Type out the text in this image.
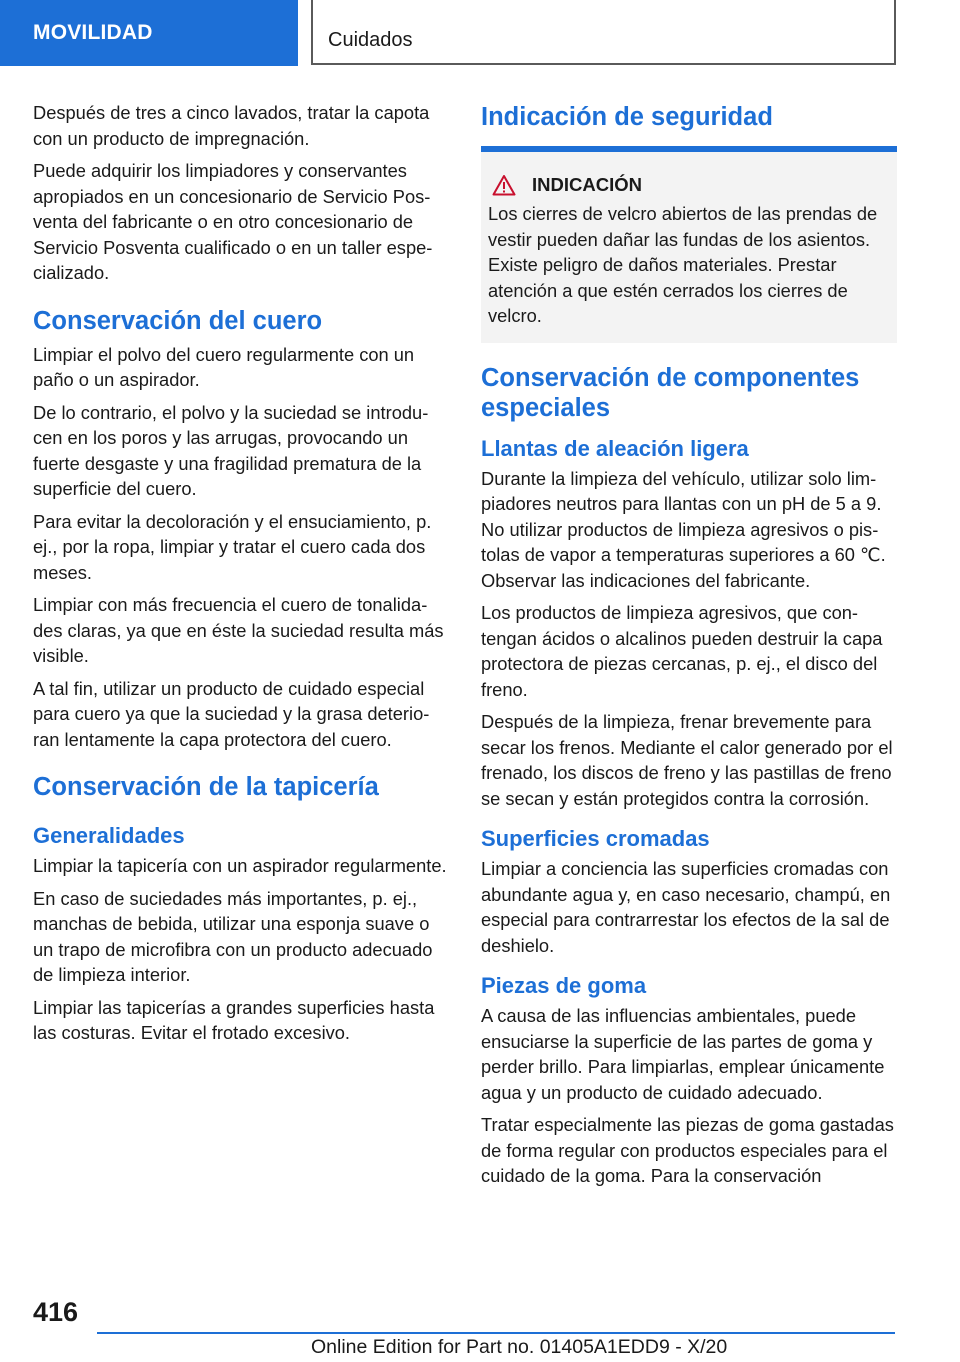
MOVILIDAD	Cuidados

Después de tres a cinco lavados, tratar la capota con un producto de impregnación.

Puede adquirir los limpiadores y conservantes apropiados en un concesionario de Servicio Posventa del fabricante o en otro concesionario de Servicio Posventa cualificado o en un taller especializado.

Conservación del cuero

Limpiar el polvo del cuero regularmente con un paño o un aspirador.

De lo contrario, el polvo y la suciedad se introducen en los poros y las arrugas, provocando un fuerte desgaste y una fragilidad prematura de la superficie del cuero.

Para evitar la decoloración y el ensuciamiento, p. ej., por la ropa, limpiar y tratar el cuero cada dos meses.

Limpiar con más frecuencia el cuero de tonalidades claras, ya que en éste la suciedad resulta más visible.

A tal fin, utilizar un producto de cuidado especial para cuero ya que la suciedad y la grasa deterioran lentamente la capa protectora del cuero.

Conservación de la tapicería
Generalidades

Limpiar la tapicería con un aspirador regularmente.

En caso de suciedades más importantes, p. ej., manchas de bebida, utilizar una esponja suave o un trapo de microfibra con un producto adecuado de limpieza interior.

Limpiar las tapicerías a grandes superficies hasta las costuras. Evitar el frotado excesivo.

Indicación de seguridad
INDICACIÓN

Los cierres de velcro abiertos de las prendas de vestir pueden dañar las fundas de los asientos. Existe peligro de daños materiales. Prestar atención a que estén cerrados los cierres de velcro.

Conservación de componentes especiales
Llantas de aleación ligera

Durante la limpieza del vehículo, utilizar solo limpiadores neutros para llantas con un pH de 5 a 9. No utilizar productos de limpieza agresivos o pistolas de vapor a temperaturas superiores a 60 ℃. Observar las indicaciones del fabricante.

Los productos de limpieza agresivos, que contengan ácidos o alcalinos pueden destruir la capa protectora de piezas cercanas, p. ej., el disco del freno.

Después de la limpieza, frenar brevemente para secar los frenos. Mediante el calor generado por el frenado, los discos de freno y las pastillas de freno se secan y están protegidos contra la corrosión.

Superficies cromadas

Limpiar a conciencia las superficies cromadas con abundante agua y, en caso necesario, champú, en especial para contrarrestar los efectos de la sal de deshielo.

Piezas de goma

A causa de las influencias ambientales, puede ensuciarse la superficie de las partes de goma y perder brillo. Para limpiarlas, emplear únicamente agua y un producto de cuidado adecuado.

Tratar especialmente las piezas de goma gastadas de forma regular con productos especiales para el cuidado de la goma. Para la conservación

416
Online Edition for Part no. 01405A1EDD9 - X/20
